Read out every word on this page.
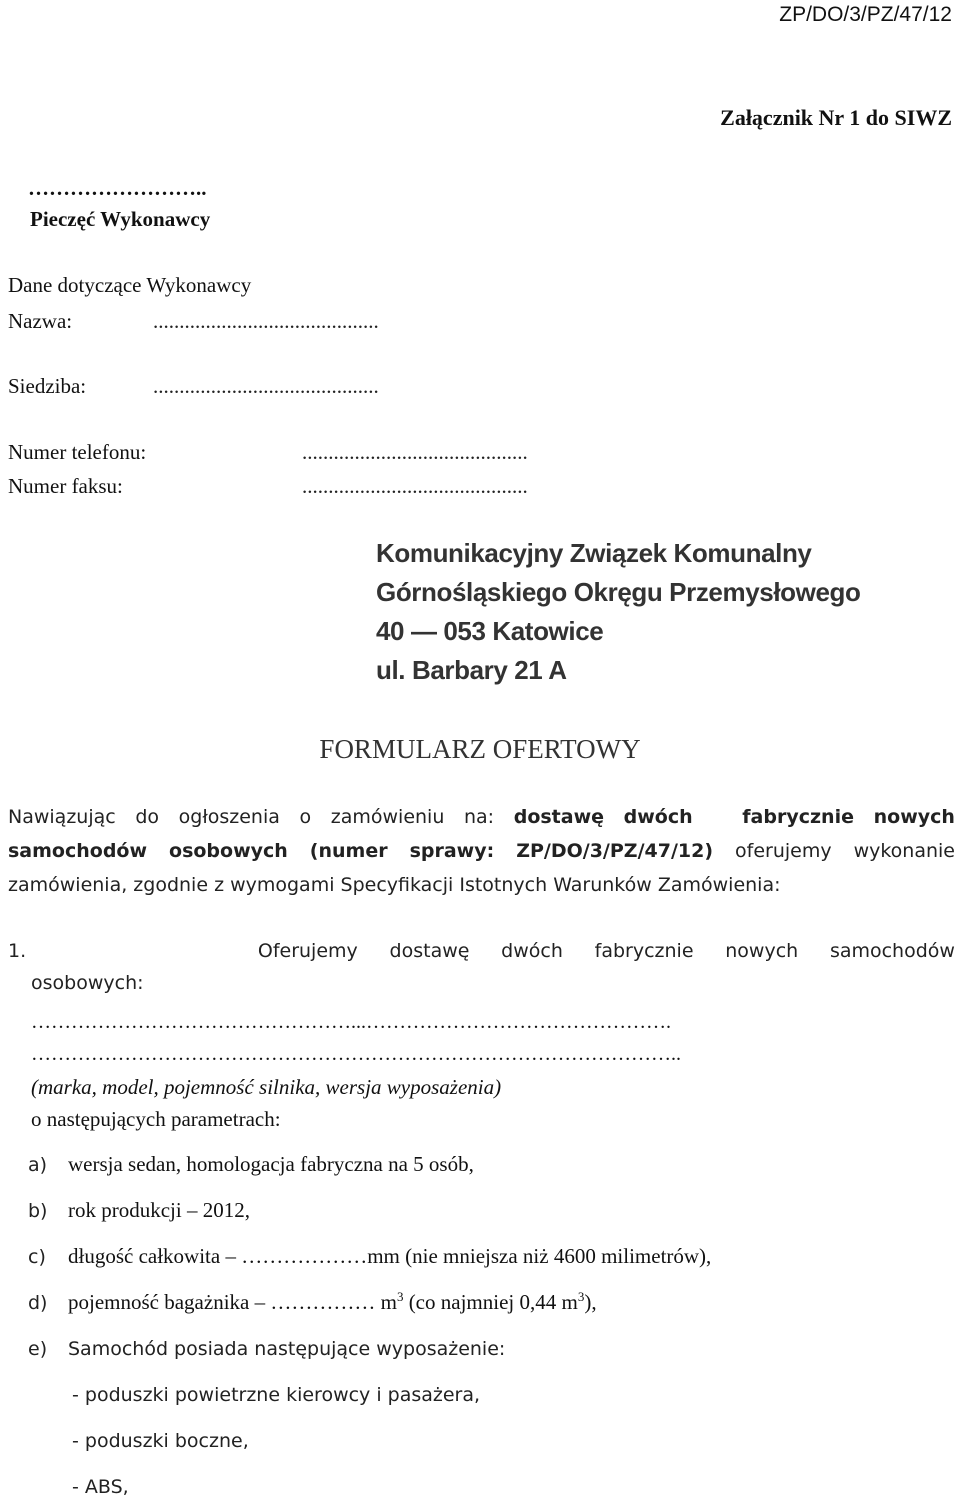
ZP/DO/3/PZ/47/12
Załącznik Nr 1 do SIWZ
……………………..
Pieczęć Wykonawcy
Dane dotyczące Wykonawcy
Nazwa:	...........................................
Siedziba:	...........................................
Numer telefonu:	...........................................
Numer faksu:	...........................................
Komunikacyjny Związek Komunalny
Górnośląskiego Okręgu Przemysłowego
40 — 053 Katowice
ul. Barbary 21 A
FORMULARZ OFERTOWY
Nawiązując do ogłoszenia o zamówieniu na: dostawę dwóch	fabrycznie nowych
samochodów osobowych (numer sprawy: ZP/DO/3/PZ/47/12) oferujemy wykonanie
zamówienia, zgodnie z wymogami Specyfikacji Istotnych Warunków Zamówienia:
1.	Oferujemy dostawę dwóch fabrycznie nowych samochodów
osobowych:
…………………………………………...……………………………………….
……………………………………………………………………………………..
(marka, model, pojemność silnika, wersja wyposażenia)
o następujących parametrach:
a) wersja sedan, homologacja fabryczna na 5 osób,
b) rok produkcji – 2012,
c) długość całkowita – ………………mm (nie mniejsza niż 4600 milimetrów),
d) pojemność bagażnika – …………… $m^3$ (co najmniej 0,44 $m^3$),
e) Samochód posiada następujące wyposażenie:
- poduszki powietrzne kierowcy i pasażera,
- poduszki boczne,
- ABS,
